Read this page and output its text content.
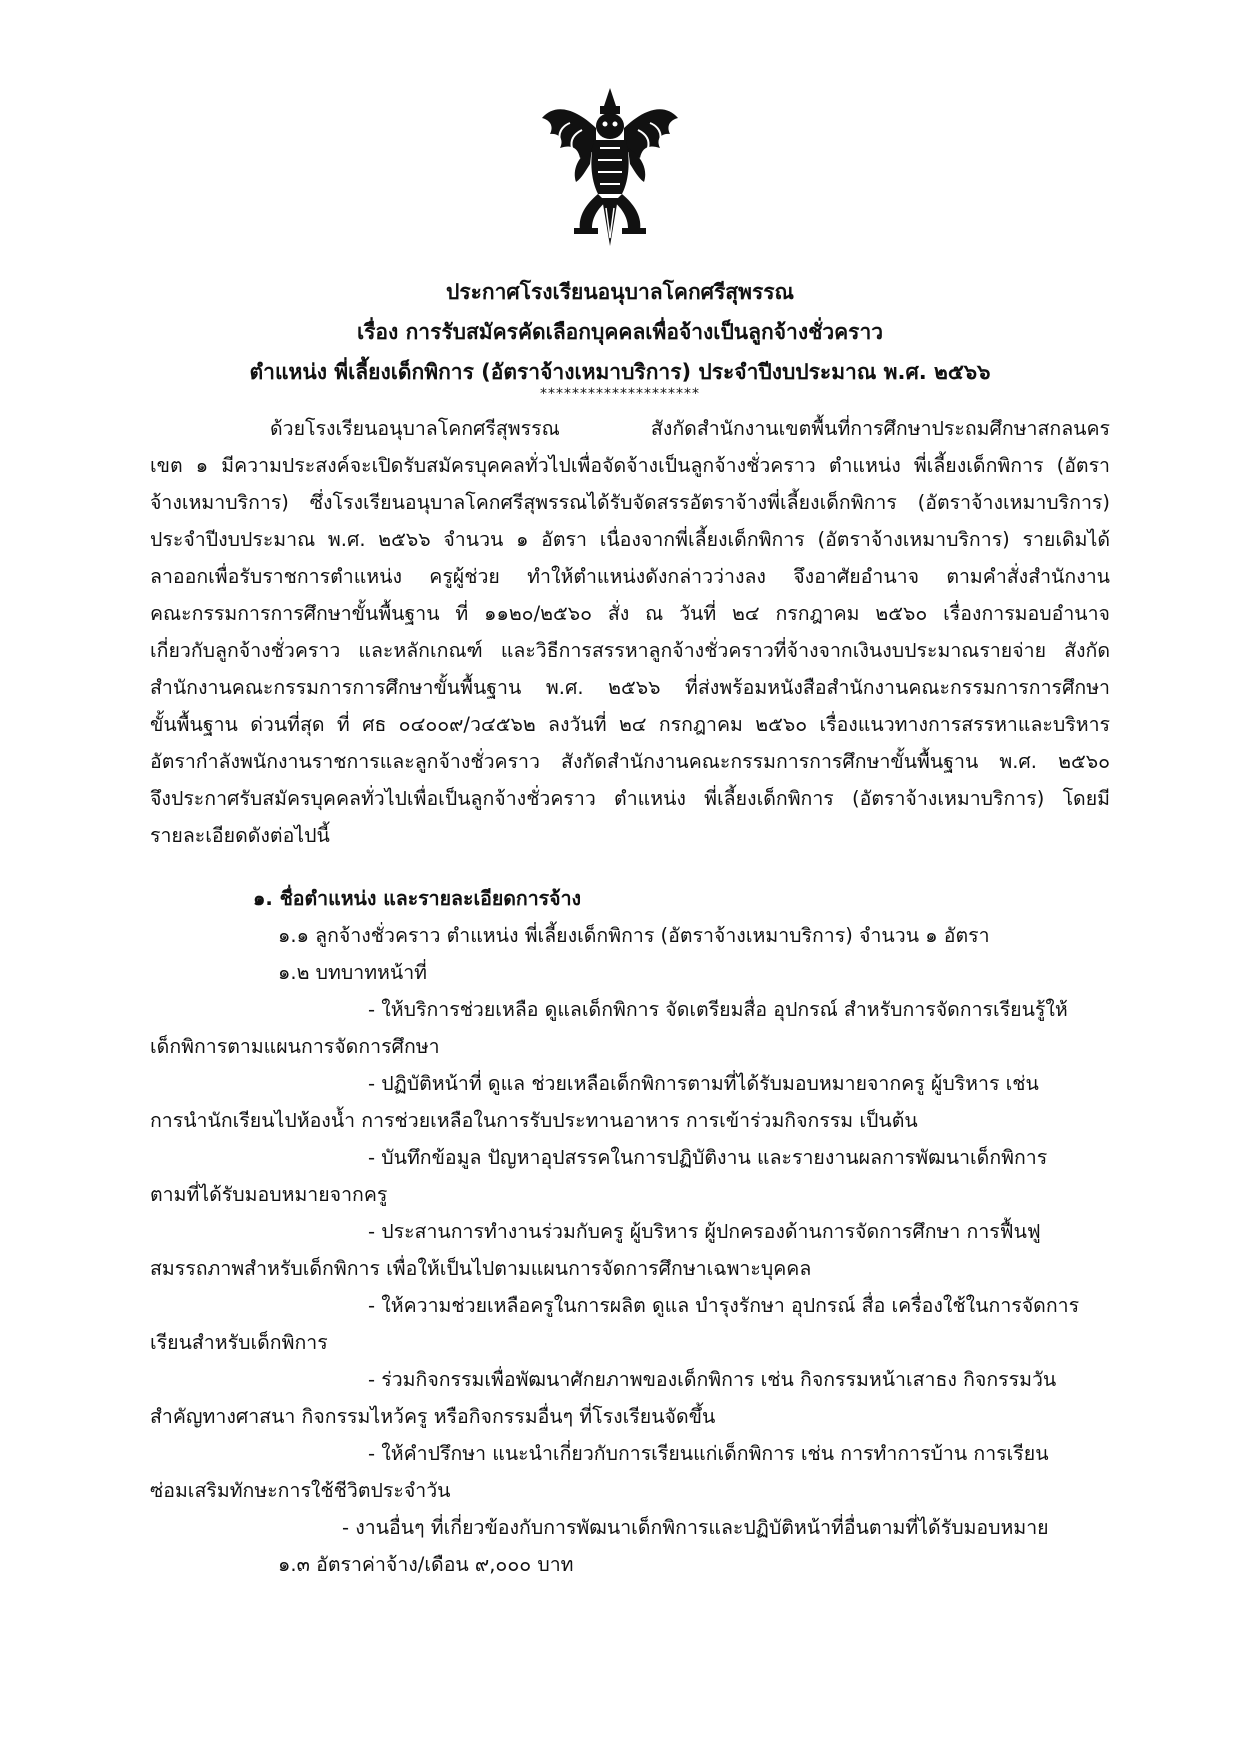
ประกาศโรงเรียนอนุบาลโคกศรีสุพรรณ
เรื่อง การรับสมัครคัดเลือกบุคคลเพื่อจ้างเป็นลูกจ้างชั่วคราว
ตำแหน่ง พี่เลี้ยงเด็กพิการ (อัตราจ้างเหมาบริการ) ประจำปีงบประมาณ พ.ศ. ๒๕๖๖
********************
ด้วยโรงเรียนอนุบาลโคกศรีสุพรรณ สังกัดสำนักงานเขตพื้นที่การศึกษาประถมศึกษาสกลนคร
เขต ๑ มีความประสงค์จะเปิดรับสมัครบุคคลทั่วไปเพื่อจัดจ้างเป็นลูกจ้างชั่วคราว ตำแหน่ง พี่เลี้ยงเด็กพิการ (อัตรา
จ้างเหมาบริการ) ซึ่งโรงเรียนอนุบาลโคกศรีสุพรรณได้รับจัดสรรอัตราจ้างพี่เลี้ยงเด็กพิการ (อัตราจ้างเหมาบริการ)
ประจำปีงบประมาณ พ.ศ. ๒๕๖๖ จำนวน ๑ อัตรา เนื่องจากพี่เลี้ยงเด็กพิการ (อัตราจ้างเหมาบริการ) รายเดิมได้
ลาออกเพื่อรับราชการตำแหน่ง ครูผู้ช่วย ทำให้ตำแหน่งดังกล่าวว่างลง จึงอาศัยอำนาจ ตามคำสั่งสำนักงาน
คณะกรรมการการศึกษาขั้นพื้นฐาน ที่ ๑๑๒๐/๒๕๖๐ สั่ง ณ วันที่ ๒๔ กรกฎาคม ๒๕๖๐ เรื่องการมอบอำนาจ
เกี่ยวกับลูกจ้างชั่วคราว และหลักเกณฑ์ และวิธีการสรรหาลูกจ้างชั่วคราวที่จ้างจากเงินงบประมาณรายจ่าย สังกัด
สำนักงานคณะกรรมการการศึกษาขั้นพื้นฐาน พ.ศ. ๒๕๖๖ ที่ส่งพร้อมหนังสือสำนักงานคณะกรรมการการศึกษา
ขั้นพื้นฐาน ด่วนที่สุด ที่ ศธ ๐๔๐๐๙/ว๔๕๖๒ ลงวันที่ ๒๔ กรกฎาคม ๒๕๖๐ เรื่องแนวทางการสรรหาและบริหาร
อัตรากำลังพนักงานราชการและลูกจ้างชั่วคราว สังกัดสำนักงานคณะกรรมการการศึกษาขั้นพื้นฐาน พ.ศ. ๒๕๖๐
จึงประกาศรับสมัครบุคคลทั่วไปเพื่อเป็นลูกจ้างชั่วคราว ตำแหน่ง พี่เลี้ยงเด็กพิการ (อัตราจ้างเหมาบริการ) โดยมี
รายละเอียดดังต่อไปนี้
๑. ชื่อตำแหน่ง และรายละเอียดการจ้าง
๑.๑ ลูกจ้างชั่วคราว ตำแหน่ง พี่เลี้ยงเด็กพิการ (อัตราจ้างเหมาบริการ) จำนวน ๑ อัตรา
๑.๒ บทบาทหน้าที่
- ให้บริการช่วยเหลือ ดูแลเด็กพิการ จัดเตรียมสื่อ อุปกรณ์ สำหรับการจัดการเรียนรู้ให้
เด็กพิการตามแผนการจัดการศึกษา
- ปฏิบัติหน้าที่ ดูแล ช่วยเหลือเด็กพิการตามที่ได้รับมอบหมายจากครู ผู้บริหาร เช่น
การนำนักเรียนไปห้องน้ำ การช่วยเหลือในการรับประทานอาหาร การเข้าร่วมกิจกรรม เป็นต้น
- บันทึกข้อมูล ปัญหาอุปสรรคในการปฏิบัติงาน และรายงานผลการพัฒนาเด็กพิการ
ตามที่ได้รับมอบหมายจากครู
- ประสานการทำงานร่วมกับครู ผู้บริหาร ผู้ปกครองด้านการจัดการศึกษา การฟื้นฟู
สมรรถภาพสำหรับเด็กพิการ เพื่อให้เป็นไปตามแผนการจัดการศึกษาเฉพาะบุคคล
- ให้ความช่วยเหลือครูในการผลิต ดูแล บำรุงรักษา อุปกรณ์ สื่อ เครื่องใช้ในการจัดการ
เรียนสำหรับเด็กพิการ
- ร่วมกิจกรรมเพื่อพัฒนาศักยภาพของเด็กพิการ เช่น กิจกรรมหน้าเสาธง กิจกรรมวัน
สำคัญทางศาสนา กิจกรรมไหว้ครู หรือกิจกรรมอื่นๆ ที่โรงเรียนจัดขึ้น
- ให้คำปรึกษา แนะนำเกี่ยวกับการเรียนแก่เด็กพิการ เช่น การทำการบ้าน การเรียน
ซ่อมเสริมทักษะการใช้ชีวิตประจำวัน
- งานอื่นๆ ที่เกี่ยวข้องกับการพัฒนาเด็กพิการและปฏิบัติหน้าที่อื่นตามที่ได้รับมอบหมาย
๑.๓ อัตราค่าจ้าง/เดือน ๙,๐๐๐ บาท
